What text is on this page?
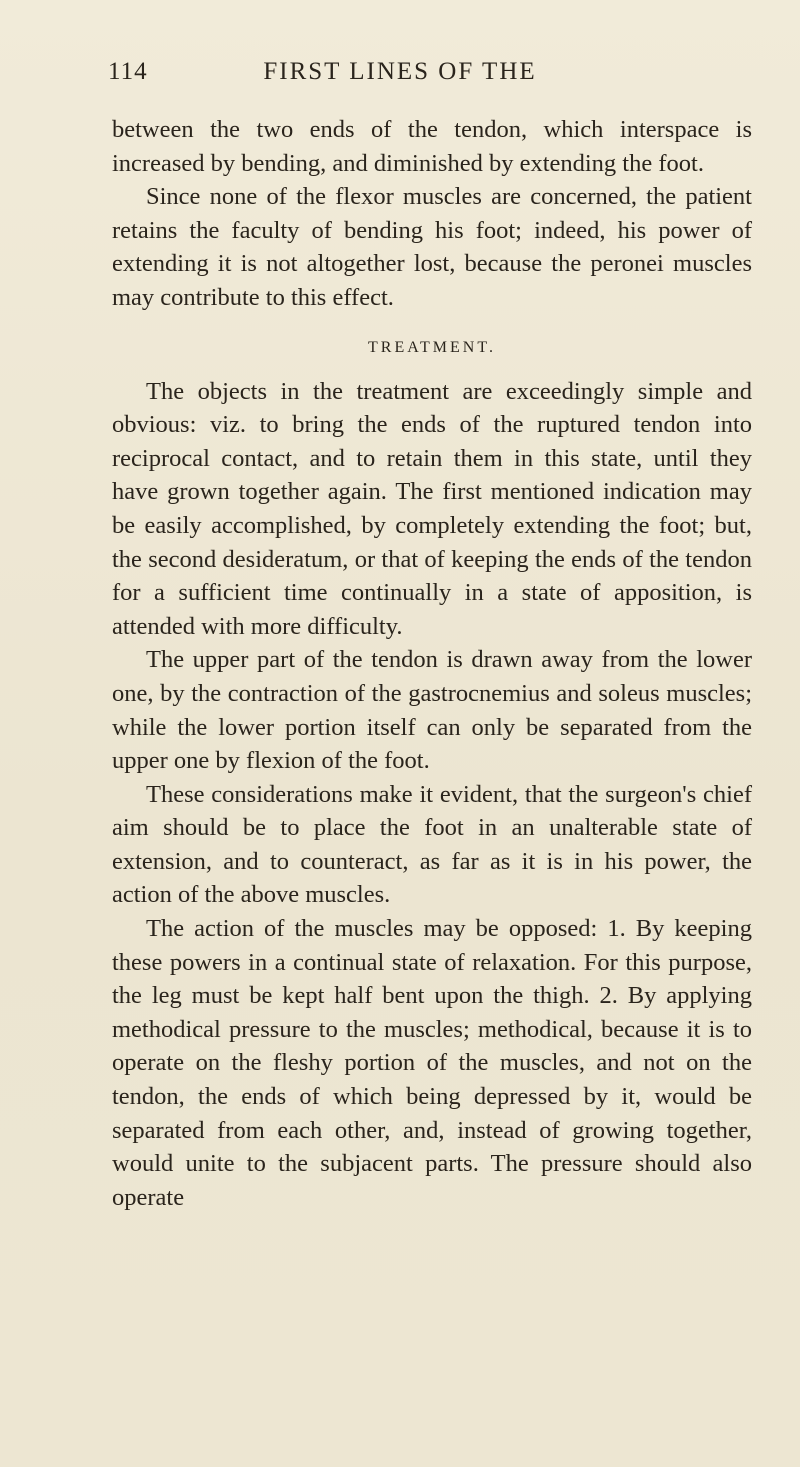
114	FIRST LINES OF THE

between the two ends of the tendon, which interspace is increased by bending, and diminished by extending the foot.

Since none of the flexor muscles are concerned, the patient retains the faculty of bending his foot; indeed, his power of extending it is not altogether lost, because the peronei muscles may contribute to this effect.

TREATMENT.

The objects in the treatment are exceedingly simple and obvious: viz. to bring the ends of the ruptured tendon into reciprocal contact, and to retain them in this state, until they have grown together again. The first mentioned indication may be easily accomplished, by completely extending the foot; but, the second desideratum, or that of keeping the ends of the tendon for a sufficient time continually in a state of apposition, is attended with more difficulty.

The upper part of the tendon is drawn away from the lower one, by the contraction of the gastrocnemius and soleus muscles; while the lower portion itself can only be separated from the upper one by flexion of the foot.

These considerations make it evident, that the surgeon's chief aim should be to place the foot in an unalterable state of extension, and to counteract, as far as it is in his power, the action of the above muscles.

The action of the muscles may be opposed: 1. By keeping these powers in a continual state of relaxation. For this purpose, the leg must be kept half bent upon the thigh. 2. By applying methodical pressure to the muscles; methodical, because it is to operate on the fleshy portion of the muscles, and not on the tendon, the ends of which being depressed by it, would be separated from each other, and, instead of growing together, would unite to the subjacent parts. The pressure should also operate
